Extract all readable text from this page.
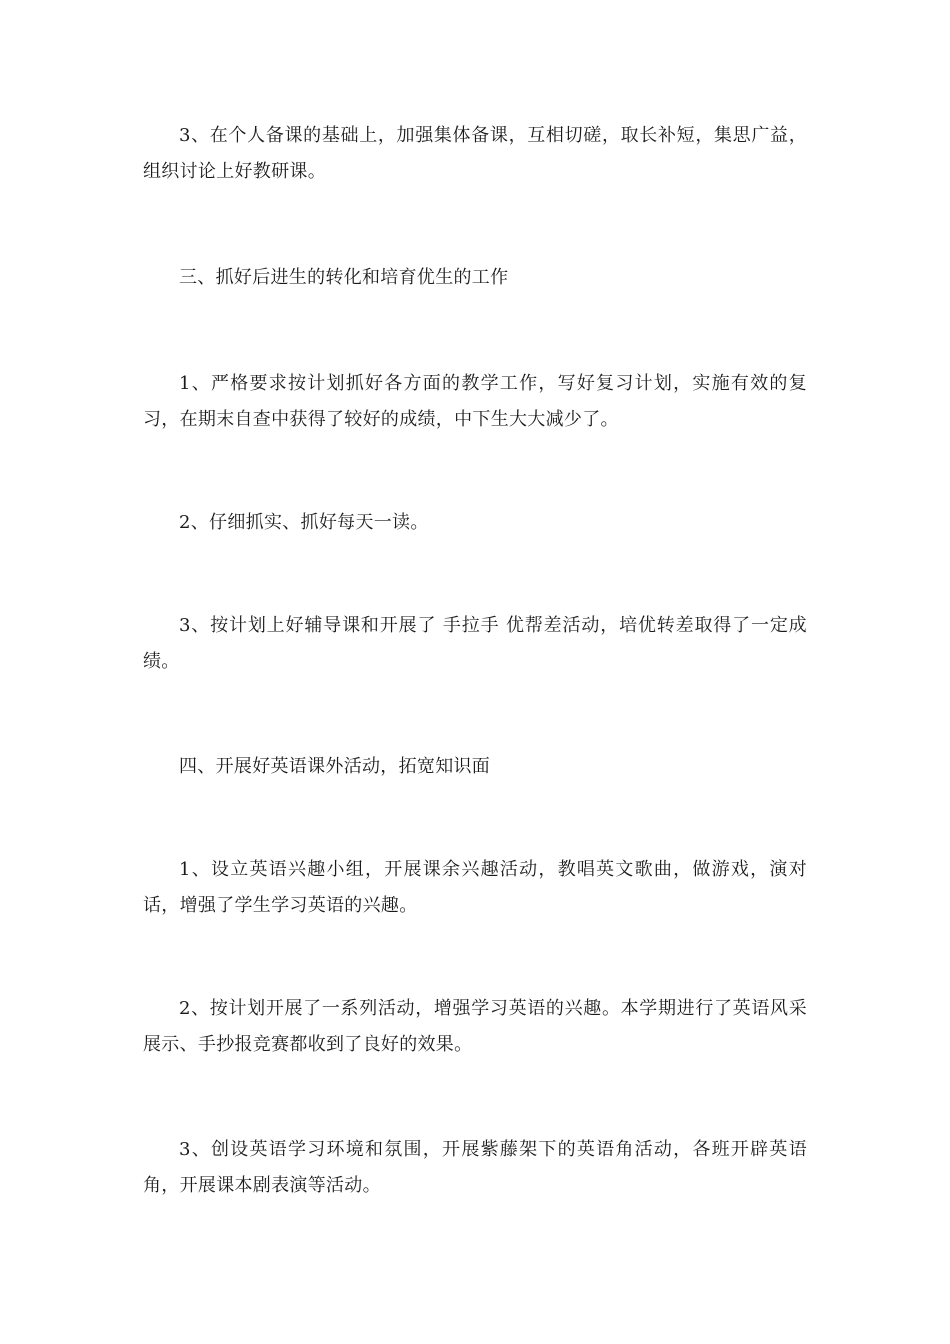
3、在个人备课的基础上，加强集体备课，互相切磋，取长补短，集思广益，组织讨论上好教研课。

三、抓好后进生的转化和培育优生的工作

1、严格要求按计划抓好各方面的教学工作，写好复习计划，实施有效的复习，在期末自查中获得了较好的成绩，中下生大大减少了。

2、仔细抓实、抓好每天一读。

3、按计划上好辅导课和开展了 手拉手 优帮差活动，培优转差取得了一定成绩。

四、开展好英语课外活动，拓宽知识面

1、设立英语兴趣小组，开展课余兴趣活动，教唱英文歌曲，做游戏，演对话，增强了学生学习英语的兴趣。

2、按计划开展了一系列活动，增强学习英语的兴趣。本学期进行了英语风采展示、手抄报竞赛都收到了良好的效果。

3、创设英语学习环境和氛围，开展紫藤架下的英语角活动，各班开辟英语角，开展课本剧表演等活动。
